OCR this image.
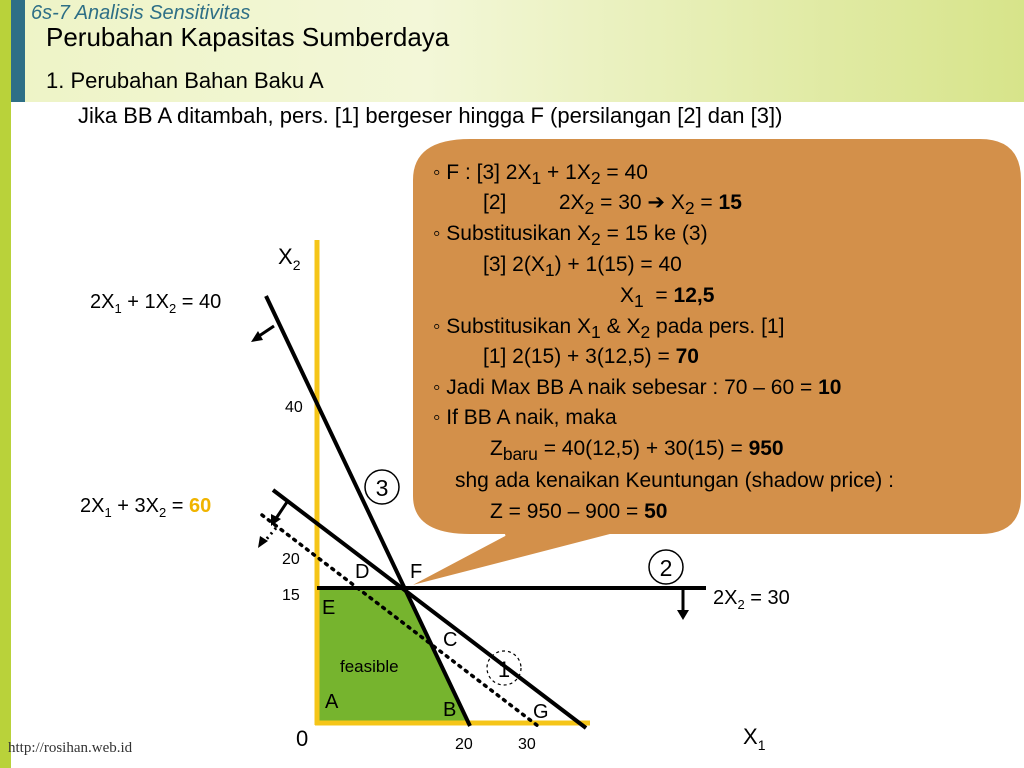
6s-7 Analisis Sensitivitas
Perubahan Kapasitas Sumberdaya
1. Perubahan Bahan Baku A
Jika BB A ditambah, pers. [1] bergeser hingga F (persilangan [2] dan [3])
3
2
1
$X_2$
$X_1$
0
40
20
15
20	30
D F
E
C
A	B	G
feasible
$2X_1 + 1X_2 = 40$
$2X_1 + 3X_2 = 60$
$2X_2 = 30$
◦ F : [3] $2X_1 + 1X_2 = 40$
[2]         $2X_2 = 30$ ➔ $X_2 = 15$
◦ Substitusikan $X_2 = 15$ ke (3)
[3] $2(X_1) + 1(15) = 40$
$X_1 = 12,5$
◦ Substitusikan $X_1$ & $X_2$ pada pers. [1]
[1] 2(15) + 3(12,5) = 70
◦ Jadi Max BB A naik sebesar : 70 – 60 = 10
◦ If BB A naik, maka
$Z_{baru} = 40(12,5) + 30(15) = 950$
shg ada kenaikan Keuntungan (shadow price) :
Z = 950 – 900 = 50
http://rosihan.web.id
